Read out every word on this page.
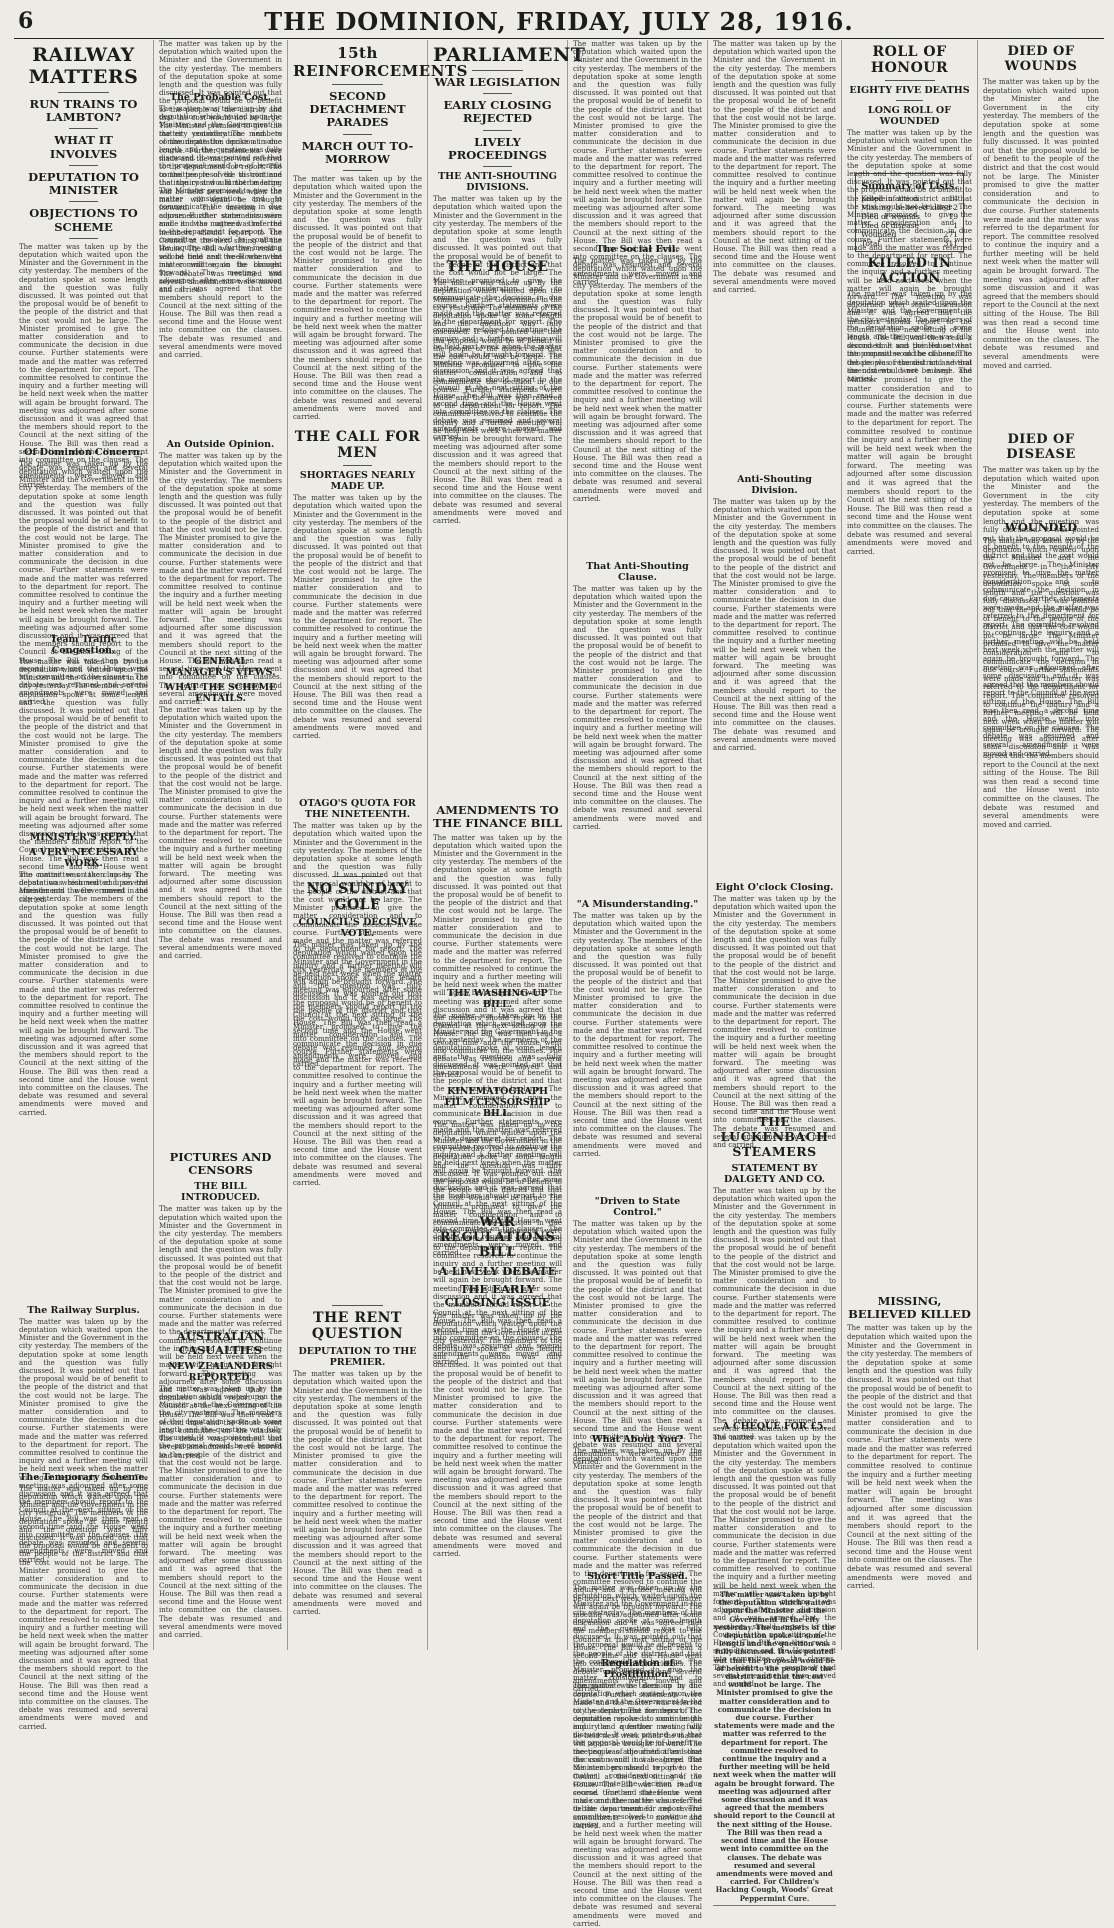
6	THE DOMINION, FRIDAY, JULY 28, 1916.
RAILWAY MATTERS
RUN TRAINS TO LAMBTON?
WHAT IT INVOLVES
DEPUTATION TO MINISTER
OBJECTIONS TO SCHEME
The matter was taken up by the deputation which waited upon the Minister and the Government in the city yesterday. The members of the deputation spoke at some length and the question was fully discussed. It was pointed out that the proposal would be of benefit to the people of the district and that the cost would not be large. The Minister promised to give the matter consideration and to communicate the decision in due course. Further statements were made and the matter was referred to the department for report. The committee resolved to continue the inquiry and a further meeting will be held next week when the matter will again be brought forward. The meeting was adjourned after some discussion and it was agreed that the members should report to the Council at the next sitting of the House. The Bill was then read a second time and the House went into committee on the clauses. The debate was resumed and several amendments were moved and carried.
Of Dominion Concern.
The matter was taken up by the deputation which waited upon the Minister and the Government in the city yesterday. The members of the deputation spoke at some length and the question was fully discussed. It was pointed out that the proposal would be of benefit to the people of the district and that the cost would not be large. The Minister promised to give the matter consideration and to communicate the decision in due course. Further statements were made and the matter was referred to the department for report. The committee resolved to continue the inquiry and a further meeting will be held next week when the matter will again be brought forward. The meeting was adjourned after some discussion and it was agreed that the members should report to the Council at the next sitting of the House. The Bill was then read a second time and the House went into committee on the clauses. The debate was resumed and several amendments were moved and carried.
Team Traffic Congestion.
The matter was taken up by the deputation which waited upon the Minister and the Government in the city yesterday. The members of the deputation spoke at some length and the question was fully discussed. It was pointed out that the proposal would be of benefit to the people of the district and that the cost would not be large. The Minister promised to give the matter consideration and to communicate the decision in due course. Further statements were made and the matter was referred to the department for report. The committee resolved to continue the inquiry and a further meeting will be held next week when the matter will again be brought forward. The meeting was adjourned after some discussion and it was agreed that the members should report to the Council at the next sitting of the House. The Bill was then read a second time and the House went into committee on the clauses. The debate was resumed and several amendments were moved and carried.
MINISTER'S REPLY.
A VERY NECESSARY WORK.
The matter was taken up by the deputation which waited upon the Minister and the Government in the city yesterday. The members of the deputation spoke at some length and the question was fully discussed. It was pointed out that the proposal would be of benefit to the people of the district and that the cost would not be large. The Minister promised to give the matter consideration and to communicate the decision in due course. Further statements were made and the matter was referred to the department for report. The committee resolved to continue the inquiry and a further meeting will be held next week when the matter will again be brought forward. The meeting was adjourned after some discussion and it was agreed that the members should report to the Council at the next sitting of the House. The Bill was then read a second time and the House went into committee on the clauses. The debate was resumed and several amendments were moved and carried.
The Railway Surplus.
The matter was taken up by the deputation which waited upon the Minister and the Government in the city yesterday. The members of the deputation spoke at some length and the question was fully discussed. It was pointed out that the proposal would be of benefit to the people of the district and that the cost would not be large. The Minister promised to give the matter consideration and to communicate the decision in due course. Further statements were made and the matter was referred to the department for report. The committee resolved to continue the inquiry and a further meeting will be held next week when the matter will again be brought forward. The meeting was adjourned after some discussion and it was agreed that the members should report to the Council at the next sitting of the House. The Bill was then read a second time and the House went into committee on the clauses. The debate was resumed and several amendments were moved and carried.
The Temporary Scheme.
The matter was taken up by the deputation which waited upon the Minister and the Government in the city yesterday. The members of the deputation spoke at some length and the question was fully discussed. It was pointed out that the proposal would be of benefit to the people of the district and that the cost would not be large. The Minister promised to give the matter consideration and to communicate the decision in due course. Further statements were made and the matter was referred to the department for report. The committee resolved to continue the inquiry and a further meeting will be held next week when the matter will again be brought forward. The meeting was adjourned after some discussion and it was agreed that the members should report to the Council at the next sitting of the House. The Bill was then read a second time and the House went into committee on the clauses. The debate was resumed and several amendments were moved and carried.
The matter was taken up by the deputation which waited upon the Minister and the Government in the city yesterday. The members of the deputation spoke at some length and the question was fully discussed. It was pointed out that the proposal would be of benefit to the people of the district and that the cost would not be large. The Minister promised to give the matter consideration and to communicate the decision in due course. Further statements were made and the matter was referred to the department for report. The committee resolved to continue the inquiry and a further meeting will be held next week when the matter will again be brought forward. The meeting was adjourned after some discussion and it was agreed that the members should report to the Council at the next sitting of the House. The Bill was then read a second time and the House went into committee on the clauses. The debate was resumed and several amendments were moved and carried.
The Probable Cost.
The matter was taken up by the deputation which waited upon the Minister and the Government in the city yesterday. The members of the deputation spoke at some length and the question was fully discussed. It was pointed out that the proposal would be of benefit to the people of the district and that the cost would not be large. The Minister promised to give the matter consideration and to communicate the decision in due course. Further statements were made and the matter was referred to the department for report. The committee resolved to continue the inquiry and a further meeting will be held next week when the matter will again be brought forward. The meeting was adjourned after some discussion and it was agreed that the members should report to the Council at the next sitting of the House. The Bill was then read a second time and the House went into committee on the clauses. The debate was resumed and several amendments were moved and carried.
An Outside Opinion.
The matter was taken up by the deputation which waited upon the Minister and the Government in the city yesterday. The members of the deputation spoke at some length and the question was fully discussed. It was pointed out that the proposal would be of benefit to the people of the district and that the cost would not be large. The Minister promised to give the matter consideration and to communicate the decision in due course. Further statements were made and the matter was referred to the department for report. The committee resolved to continue the inquiry and a further meeting will be held next week when the matter will again be brought forward. The meeting was adjourned after some discussion and it was agreed that the members should report to the Council at the next sitting of the House. The Bill was then read a second time and the House went into committee on the clauses. The debate was resumed and several amendments were moved and carried.
GENERAL MANAGER'S VIEWS.
WHAT THE SCHEME ENTAILS.
The matter was taken up by the deputation which waited upon the Minister and the Government in the city yesterday. The members of the deputation spoke at some length and the question was fully discussed. It was pointed out that the proposal would be of benefit to the people of the district and that the cost would not be large. The Minister promised to give the matter consideration and to communicate the decision in due course. Further statements were made and the matter was referred to the department for report. The committee resolved to continue the inquiry and a further meeting will be held next week when the matter will again be brought forward. The meeting was adjourned after some discussion and it was agreed that the members should report to the Council at the next sitting of the House. The Bill was then read a second time and the House went into committee on the clauses. The debate was resumed and several amendments were moved and carried.
PICTURES AND CENSORS
THE BILL INTRODUCED.
The matter was taken up by the deputation which waited upon the Minister and the Government in the city yesterday. The members of the deputation spoke at some length and the question was fully discussed. It was pointed out that the proposal would be of benefit to the people of the district and that the cost would not be large. The Minister promised to give the matter consideration and to communicate the decision in due course. Further statements were made and the matter was referred to the department for report. The committee resolved to continue the inquiry and a further meeting will be held next week when the matter will again be brought forward. The meeting was adjourned after some discussion and it was agreed that the members should report to the Council at the next sitting of the House. The Bill was then read a second time and the House went into committee on the clauses. The debate was resumed and several amendments were moved and carried.
AUSTRALIAN CASUALTIES
NEW ZEALANDERS REPORTED.
The matter was taken up by the deputation which waited upon the Minister and the Government in the city yesterday. The members of the deputation spoke at some length and the question was fully discussed. It was pointed out that the proposal would be of benefit to the people of the district and that the cost would not be large. The Minister promised to give the matter consideration and to communicate the decision in due course. Further statements were made and the matter was referred to the department for report. The committee resolved to continue the inquiry and a further meeting will be held next week when the matter will again be brought forward. The meeting was adjourned after some discussion and it was agreed that the members should report to the Council at the next sitting of the House. The Bill was then read a second time and the House went into committee on the clauses. The debate was resumed and several amendments were moved and carried.
15th REINFORCEMENTS
SECOND DETACHMENT PARADES
MARCH OUT TO-MORROW
The matter was taken up by the deputation which waited upon the Minister and the Government in the city yesterday. The members of the deputation spoke at some length and the question was fully discussed. It was pointed out that the proposal would be of benefit to the people of the district and that the cost would not be large. The Minister promised to give the matter consideration and to communicate the decision in due course. Further statements were made and the matter was referred to the department for report. The committee resolved to continue the inquiry and a further meeting will be held next week when the matter will again be brought forward. The meeting was adjourned after some discussion and it was agreed that the members should report to the Council at the next sitting of the House. The Bill was then read a second time and the House went into committee on the clauses. The debate was resumed and several amendments were moved and carried.
THE CALL FOR MEN
SHORTAGES NEARLY MADE UP.
The matter was taken up by the deputation which waited upon the Minister and the Government in the city yesterday. The members of the deputation spoke at some length and the question was fully discussed. It was pointed out that the proposal would be of benefit to the people of the district and that the cost would not be large. The Minister promised to give the matter consideration and to communicate the decision in due course. Further statements were made and the matter was referred to the department for report. The committee resolved to continue the inquiry and a further meeting will be held next week when the matter will again be brought forward. The meeting was adjourned after some discussion and it was agreed that the members should report to the Council at the next sitting of the House. The Bill was then read a second time and the House went into committee on the clauses. The debate was resumed and several amendments were moved and carried.
OTAGO'S QUOTA FOR THE NINETEENTH.
The matter was taken up by the deputation which waited upon the Minister and the Government in the city yesterday. The members of the deputation spoke at some length and the question was fully discussed. It was pointed out that the proposal would be of benefit to the people of the district and that the cost would not be large. The Minister promised to give the matter consideration and to communicate the decision in due course. Further statements were made and the matter was referred to the department for report. The committee resolved to continue the inquiry and a further meeting will be held next week when the matter will again be brought forward. The meeting was adjourned after some discussion and it was agreed that the members should report to the Council at the next sitting of the House. The Bill was then read a second time and the House went into committee on the clauses. The debate was resumed and several amendments were moved and carried.
NO SUNDAY GOLF
COUNCIL'S DECISIVE VOTE.
The matter was taken up by the deputation which waited upon the Minister and the Government in the city yesterday. The members of the deputation spoke at some length and the question was fully discussed. It was pointed out that the proposal would be of benefit to the people of the district and that the cost would not be large. The Minister promised to give the matter consideration and to communicate the decision in due course. Further statements were made and the matter was referred to the department for report. The committee resolved to continue the inquiry and a further meeting will be held next week when the matter will again be brought forward. The meeting was adjourned after some discussion and it was agreed that the members should report to the Council at the next sitting of the House. The Bill was then read a second time and the House went into committee on the clauses. The debate was resumed and several amendments were moved and carried.
THE RENT QUESTION
DEPUTATION TO THE PREMIER.
The matter was taken up by the deputation which waited upon the Minister and the Government in the city yesterday. The members of the deputation spoke at some length and the question was fully discussed. It was pointed out that the proposal would be of benefit to the people of the district and that the cost would not be large. The Minister promised to give the matter consideration and to communicate the decision in due course. Further statements were made and the matter was referred to the department for report. The committee resolved to continue the inquiry and a further meeting will be held next week when the matter will again be brought forward. The meeting was adjourned after some discussion and it was agreed that the members should report to the Council at the next sitting of the House. The Bill was then read a second time and the House went into committee on the clauses. The debate was resumed and several amendments were moved and carried.
PARLIAMENT
WAR LEGISLATION
EARLY CLOSING REJECTED
LIVELY PROCEEDINGS
THE ANTI-SHOUTING DIVISIONS.
The matter was taken up by the deputation which waited upon the Minister and the Government in the city yesterday. The members of the deputation spoke at some length and the question was fully discussed. It was pointed out that the proposal would be of benefit to the people of the district and that the cost would not be large. The Minister promised to give the matter consideration and to communicate the decision in due course. Further statements were made and the matter was referred to the department for report. The committee resolved to continue the inquiry and a further meeting will be held next week when the matter will again be brought forward. The meeting was adjourned after some discussion and it was agreed that the members should report to the Council at the next sitting of the House. The Bill was then read a second time and the House went into committee on the clauses. The debate was resumed and several amendments were moved and carried.
THE HOUSE
The matter was taken up by the deputation which waited upon the Minister and the Government in the city yesterday. The members of the deputation spoke at some length and the question was fully discussed. It was pointed out that the proposal would be of benefit to the people of the district and that the cost would not be large. The Minister promised to give the matter consideration and to communicate the decision in due course. Further statements were made and the matter was referred to the department for report. The committee resolved to continue the inquiry and a further meeting will be held next week when the matter will again be brought forward. The meeting was adjourned after some discussion and it was agreed that the members should report to the Council at the next sitting of the House. The Bill was then read a second time and the House went into committee on the clauses. The debate was resumed and several amendments were moved and carried.
AMENDMENTS TO THE FINANCE BILL
The matter was taken up by the deputation which waited upon the Minister and the Government in the city yesterday. The members of the deputation spoke at some length and the question was fully discussed. It was pointed out that the proposal would be of benefit to the people of the district and that the cost would not be large. The Minister promised to give the matter consideration and to communicate the decision in due course. Further statements were made and the matter was referred to the department for report. The committee resolved to continue the inquiry and a further meeting will be held next week when the matter will again be brought forward. The meeting was adjourned after some discussion and it was agreed that the members should report to the Council at the next sitting of the House. The Bill was then read a second time and the House went into committee on the clauses. The debate was resumed and several amendments were moved and carried.
THE WASHING-UP BILL.
The matter was taken up by the deputation which waited upon the Minister and the Government in the city yesterday. The members of the deputation spoke at some length and the question was fully discussed. It was pointed out that the proposal would be of benefit to the people of the district and that the cost would not be large. The Minister promised to give the matter consideration and to communicate the decision in due course. Further statements were made and the matter was referred to the department for report. The committee resolved to continue the inquiry and a further meeting will be held next week when the matter will again be brought forward. The meeting was adjourned after some discussion and it was agreed that the members should report to the Council at the next sitting of the House. The Bill was then read a second time and the House went into committee on the clauses. The debate was resumed and several amendments were moved and carried.
KINEMATOGRAPH FILM CENSORSHIP BILL.
The matter was taken up by the deputation which waited upon the Minister and the Government in the city yesterday. The members of the deputation spoke at some length and the question was fully discussed. It was pointed out that the proposal would be of benefit to the people of the district and that the cost would not be large. The Minister promised to give the matter consideration and to communicate the decision in due course. Further statements were made and the matter was referred to the department for report. The committee resolved to continue the inquiry and a further meeting will be held next week when the matter will again be brought forward. The meeting was adjourned after some discussion and it was agreed that the members should report to the Council at the next sitting of the House. The Bill was then read a second time and the House went into committee on the clauses. The debate was resumed and several amendments were moved and carried.
WAR REGULATIONS BILL
A LIVELY DEBATE
THE EARLY CLOSING ISSUE
The matter was taken up by the deputation which waited upon the Minister and the Government in the city yesterday. The members of the deputation spoke at some length and the question was fully discussed. It was pointed out that the proposal would be of benefit to the people of the district and that the cost would not be large. The Minister promised to give the matter consideration and to communicate the decision in due course. Further statements were made and the matter was referred to the department for report. The committee resolved to continue the inquiry and a further meeting will be held next week when the matter will again be brought forward. The meeting was adjourned after some discussion and it was agreed that the members should report to the Council at the next sitting of the House. The Bill was then read a second time and the House went into committee on the clauses. The debate was resumed and several amendments were moved and carried.
The matter was taken up by the deputation which waited upon the Minister and the Government in the city yesterday. The members of the deputation spoke at some length and the question was fully discussed. It was pointed out that the proposal would be of benefit to the people of the district and that the cost would not be large. The Minister promised to give the matter consideration and to communicate the decision in due course. Further statements were made and the matter was referred to the department for report. The committee resolved to continue the inquiry and a further meeting will be held next week when the matter will again be brought forward. The meeting was adjourned after some discussion and it was agreed that the members should report to the Council at the next sitting of the House. The Bill was then read a second time and the House went into committee on the clauses. The debate was resumed and several amendments were moved and carried.
The Social Evil.
The matter was taken up by the deputation which waited upon the Minister and the Government in the city yesterday. The members of the deputation spoke at some length and the question was fully discussed. It was pointed out that the proposal would be of benefit to the people of the district and that the cost would not be large. The Minister promised to give the matter consideration and to communicate the decision in due course. Further statements were made and the matter was referred to the department for report. The committee resolved to continue the inquiry and a further meeting will be held next week when the matter will again be brought forward. The meeting was adjourned after some discussion and it was agreed that the members should report to the Council at the next sitting of the House. The Bill was then read a second time and the House went into committee on the clauses. The debate was resumed and several amendments were moved and carried.
That Anti-Shouting Clause.
The matter was taken up by the deputation which waited upon the Minister and the Government in the city yesterday. The members of the deputation spoke at some length and the question was fully discussed. It was pointed out that the proposal would be of benefit to the people of the district and that the cost would not be large. The Minister promised to give the matter consideration and to communicate the decision in due course. Further statements were made and the matter was referred to the department for report. The committee resolved to continue the inquiry and a further meeting will be held next week when the matter will again be brought forward. The meeting was adjourned after some discussion and it was agreed that the members should report to the Council at the next sitting of the House. The Bill was then read a second time and the House went into committee on the clauses. The debate was resumed and several amendments were moved and carried.
"A Misunderstanding."
The matter was taken up by the deputation which waited upon the Minister and the Government in the city yesterday. The members of the deputation spoke at some length and the question was fully discussed. It was pointed out that the proposal would be of benefit to the people of the district and that the cost would not be large. The Minister promised to give the matter consideration and to communicate the decision in due course. Further statements were made and the matter was referred to the department for report. The committee resolved to continue the inquiry and a further meeting will be held next week when the matter will again be brought forward. The meeting was adjourned after some discussion and it was agreed that the members should report to the Council at the next sitting of the House. The Bill was then read a second time and the House went into committee on the clauses. The debate was resumed and several amendments were moved and carried.
"Driven to State Control."
The matter was taken up by the deputation which waited upon the Minister and the Government in the city yesterday. The members of the deputation spoke at some length and the question was fully discussed. It was pointed out that the proposal would be of benefit to the people of the district and that the cost would not be large. The Minister promised to give the matter consideration and to communicate the decision in due course. Further statements were made and the matter was referred to the department for report. The committee resolved to continue the inquiry and a further meeting will be held next week when the matter will again be brought forward. The meeting was adjourned after some discussion and it was agreed that the members should report to the Council at the next sitting of the House. The Bill was then read a second time and the House went into committee on the clauses. The debate was resumed and several amendments were moved and carried.
What About You?
The matter was taken up by the deputation which waited upon the Minister and the Government in the city yesterday. The members of the deputation spoke at some length and the question was fully discussed. It was pointed out that the proposal would be of benefit to the people of the district and that the cost would not be large. The Minister promised to give the matter consideration and to communicate the decision in due course. Further statements were made and the matter was referred to the department for report. The committee resolved to continue the inquiry and a further meeting will be held next week when the matter will again be brought forward. The meeting was adjourned after some discussion and it was agreed that the members should report to the Council at the next sitting of the House. The Bill was then read a second time and the House went into committee on the clauses. The debate was resumed and several amendments were moved and carried.
Short Title Passed.
The matter was taken up by the deputation which waited upon the Minister and the Government in the city yesterday. The members of the deputation spoke at some length and the question was fully discussed. It was pointed out that the proposal would be of benefit to the people of the district and that the cost would not be large. The Minister promised to give the matter consideration and to communicate the decision in due course. Further statements were made and the matter was referred to the department for report. The committee resolved to continue the inquiry and a further meeting will be held next week when the matter will again be brought forward. The meeting was adjourned after some discussion and it was agreed that the members should report to the Council at the next sitting of the House. The Bill was then read a second time and the House went into committee on the clauses. The debate was resumed and several amendments were moved and carried.
Regulation of Prostitution.
The matter was taken up by the deputation which waited upon the Minister and the Government in the city yesterday. The members of the deputation spoke at some length and the question was fully discussed. It was pointed out that the proposal would be of benefit to the people of the district and that the cost would not be large. The Minister promised to give the matter consideration and to communicate the decision in due course. Further statements were made and the matter was referred to the department for report. The committee resolved to continue the inquiry and a further meeting will be held next week when the matter will again be brought forward. The meeting was adjourned after some discussion and it was agreed that the members should report to the Council at the next sitting of the House. The Bill was then read a second time and the House went into committee on the clauses. The debate was resumed and several amendments were moved and carried.
The matter was taken up by the deputation which waited upon the Minister and the Government in the city yesterday. The members of the deputation spoke at some length and the question was fully discussed. It was pointed out that the proposal would be of benefit to the people of the district and that the cost would not be large. The Minister promised to give the matter consideration and to communicate the decision in due course. Further statements were made and the matter was referred to the department for report. The committee resolved to continue the inquiry and a further meeting will be held next week when the matter will again be brought forward. The meeting was adjourned after some discussion and it was agreed that the members should report to the Council at the next sitting of the House. The Bill was then read a second time and the House went into committee on the clauses. The debate was resumed and several amendments were moved and carried.
Anti-Shouting Division.
The matter was taken up by the deputation which waited upon the Minister and the Government in the city yesterday. The members of the deputation spoke at some length and the question was fully discussed. It was pointed out that the proposal would be of benefit to the people of the district and that the cost would not be large. The Minister promised to give the matter consideration and to communicate the decision in due course. Further statements were made and the matter was referred to the department for report. The committee resolved to continue the inquiry and a further meeting will be held next week when the matter will again be brought forward. The meeting was adjourned after some discussion and it was agreed that the members should report to the Council at the next sitting of the House. The Bill was then read a second time and the House went into committee on the clauses. The debate was resumed and several amendments were moved and carried.
Eight O'clock Closing.
The matter was taken up by the deputation which waited upon the Minister and the Government in the city yesterday. The members of the deputation spoke at some length and the question was fully discussed. It was pointed out that the proposal would be of benefit to the people of the district and that the cost would not be large. The Minister promised to give the matter consideration and to communicate the decision in due course. Further statements were made and the matter was referred to the department for report. The committee resolved to continue the inquiry and a further meeting will be held next week when the matter will again be brought forward. The meeting was adjourned after some discussion and it was agreed that the members should report to the Council at the next sitting of the House. The Bill was then read a second time and the House went into committee on the clauses. The debate was resumed and several amendments were moved and carried.
THE LUCKENBACH STEAMERS
STATEMENT BY DALGETY AND CO.
The matter was taken up by the deputation which waited upon the Minister and the Government in the city yesterday. The members of the deputation spoke at some length and the question was fully discussed. It was pointed out that the proposal would be of benefit to the people of the district and that the cost would not be large. The Minister promised to give the matter consideration and to communicate the decision in due course. Further statements were made and the matter was referred to the department for report. The committee resolved to continue the inquiry and a further meeting will be held next week when the matter will again be brought forward. The meeting was adjourned after some discussion and it was agreed that the members should report to the Council at the next sitting of the House. The Bill was then read a second time and the House went into committee on the clauses. The debate was resumed and several amendments were moved and carried.
A CHEQUE FOR £5.
The matter was taken up by the deputation which waited upon the Minister and the Government in the city yesterday. The members of the deputation spoke at some length and the question was fully discussed. It was pointed out that the proposal would be of benefit to the people of the district and that the cost would not be large. The Minister promised to give the matter consideration and to communicate the decision in due course. Further statements were made and the matter was referred to the department for report. The committee resolved to continue the inquiry and a further meeting will be held next week when the matter will again be brought forward. The meeting was adjourned after some discussion and it was agreed that the members should report to the Council at the next sitting of the House. The Bill was then read a second time and the House went into committee on the clauses. The debate was resumed and several amendments were moved and carried.
The matter was taken up by the deputation which waited upon the Minister and the Government in the city yesterday. The members of the deputation spoke at some length and the question was fully discussed. It was pointed out that the proposal would be of benefit to the people of the district and that the cost would not be large. The Minister promised to give the matter consideration and to communicate the decision in due course. Further statements were made and the matter was referred to the department for report. The committee resolved to continue the inquiry and a further meeting will be held next week when the matter will again be brought forward. The meeting was adjourned after some discussion and it was agreed that the members should report to the Council at the next sitting of the House. The Bill was then read a second time and the House went into committee on the clauses. The debate was resumed and several amendments were moved and carried. For Children's Hacking Cough, Woods' Great Peppermint Cure.
ROLL OF HONOUR
EIGHTY FIVE DEATHS
LONG ROLL OF WOUNDED
The matter was taken up by the deputation which waited upon the Minister and the Government in the city yesterday. The members of the deputation spoke at some length and the question was fully discussed. It was pointed out that the proposal would be of benefit to the people of the district and that the cost would not be large. The Minister promised to give the matter consideration and to communicate the decision in due course. Further statements were made and the matter was referred to the department for report. The committee resolved to continue the inquiry and a further meeting will be held next week when the matter will again be brought forward. The meeting was adjourned after some discussion and it was agreed that the members should report to the Council at the next sitting of the House. The Bill was then read a second time and the House went into committee on the clauses. The debate was resumed and several amendments were moved and carried.
Summary of Lists.
Killed in action	14
Missing, believed killed 2
Died of wounds	19
Died of disease	1
Wounded	271
Total	311
KILLED IN ACTION
The matter was taken up by the deputation which waited upon the Minister and the Government in the city yesterday. The members of the deputation spoke at some length and the question was fully discussed. It was pointed out that the proposal would be of benefit to the people of the district and that the cost would not be large. The Minister promised to give the matter consideration and to communicate the decision in due course. Further statements were made and the matter was referred to the department for report. The committee resolved to continue the inquiry and a further meeting will be held next week when the matter will again be brought forward. The meeting was adjourned after some discussion and it was agreed that the members should report to the Council at the next sitting of the House. The Bill was then read a second time and the House went into committee on the clauses. The debate was resumed and several amendments were moved and carried.
MISSING, BELIEVED KILLED
The matter was taken up by the deputation which waited upon the Minister and the Government in the city yesterday. The members of the deputation spoke at some length and the question was fully discussed. It was pointed out that the proposal would be of benefit to the people of the district and that the cost would not be large. The Minister promised to give the matter consideration and to communicate the decision in due course. Further statements were made and the matter was referred to the department for report. The committee resolved to continue the inquiry and a further meeting will be held next week when the matter will again be brought forward. The meeting was adjourned after some discussion and it was agreed that the members should report to the Council at the next sitting of the House. The Bill was then read a second time and the House went into committee on the clauses. The debate was resumed and several amendments were moved and carried.
DIED OF WOUNDS
The matter was taken up by the deputation which waited upon the Minister and the Government in the city yesterday. The members of the deputation spoke at some length and the question was fully discussed. It was pointed out that the proposal would be of benefit to the people of the district and that the cost would not be large. The Minister promised to give the matter consideration and to communicate the decision in due course. Further statements were made and the matter was referred to the department for report. The committee resolved to continue the inquiry and a further meeting will be held next week when the matter will again be brought forward. The meeting was adjourned after some discussion and it was agreed that the members should report to the Council at the next sitting of the House. The Bill was then read a second time and the House went into committee on the clauses. The debate was resumed and several amendments were moved and carried.
DIED OF DISEASE
The matter was taken up by the deputation which waited upon the Minister and the Government in the city yesterday. The members of the deputation spoke at some length and the question was fully discussed. It was pointed out that the proposal would be of benefit to the people of the district and that the cost would not be large. The Minister promised to give the matter consideration and to communicate the decision in due course. Further statements were made and the matter was referred to the department for report. The committee resolved to continue the inquiry and a further meeting will be held next week when the matter will again be brought forward. The meeting was adjourned after some discussion and it was agreed that the members should report to the Council at the next sitting of the House. The Bill was then read a second time and the House went into committee on the clauses. The debate was resumed and several amendments were moved and carried.
WOUNDED
The matter was taken up by the deputation which waited upon the Minister and the Government in the city yesterday. The members of the deputation spoke at some length and the question was fully discussed. It was pointed out that the proposal would be of benefit to the people of the district and that the cost would not be large. The Minister promised to give the matter consideration and to communicate the decision in due course. Further statements were made and the matter was referred to the department for report. The committee resolved to continue the inquiry and a further meeting will be held next week when the matter will again be brought forward. The meeting was adjourned after some discussion and it was agreed that the members should report to the Council at the next sitting of the House. The Bill was then read a second time and the House went into committee on the clauses. The debate was resumed and several amendments were moved and carried.
